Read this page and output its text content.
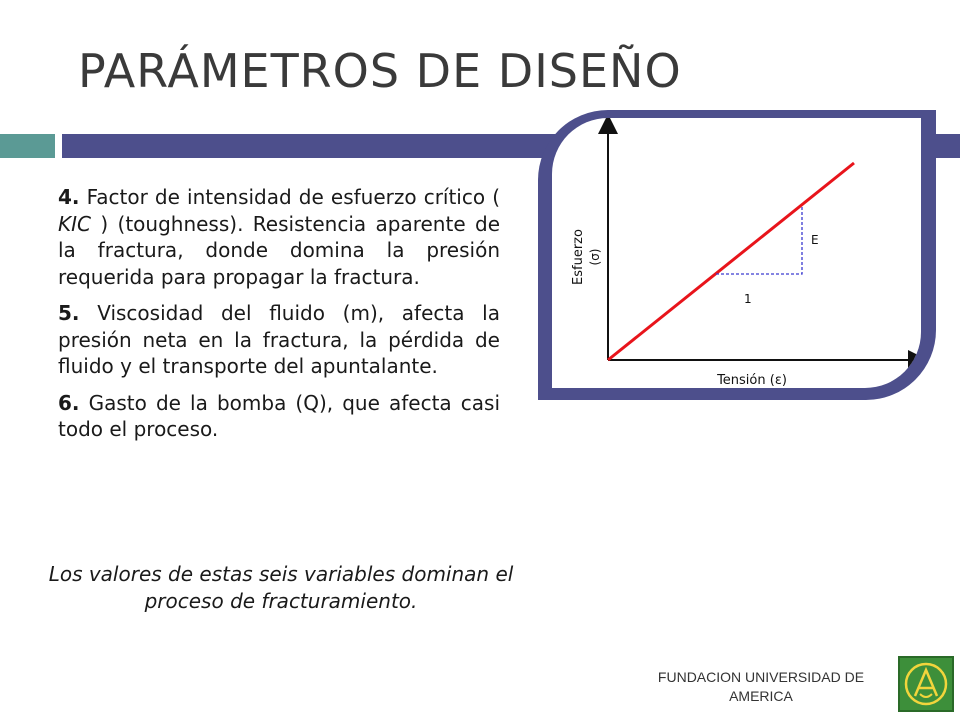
PARÁMETROS DE DISEÑO

4. Factor de intensidad de esfuerzo crítico ( KIC ) (toughness). Resistencia aparente de la fractura, donde domina la presión requerida para propagar la fractura.

5. Viscosidad del fluido (m), afecta la presión neta en la fractura, la pérdida de fluido y el transporte del apuntalante.

6. Gasto de la bomba (Q), que afecta casi todo el proceso.

Los valores de estas seis variables dominan el proceso de fracturamiento.
E
1
Tensión (ε)
Esfuerzo (σ)
FUNDACION UNIVERSIDAD DE AMERICA
